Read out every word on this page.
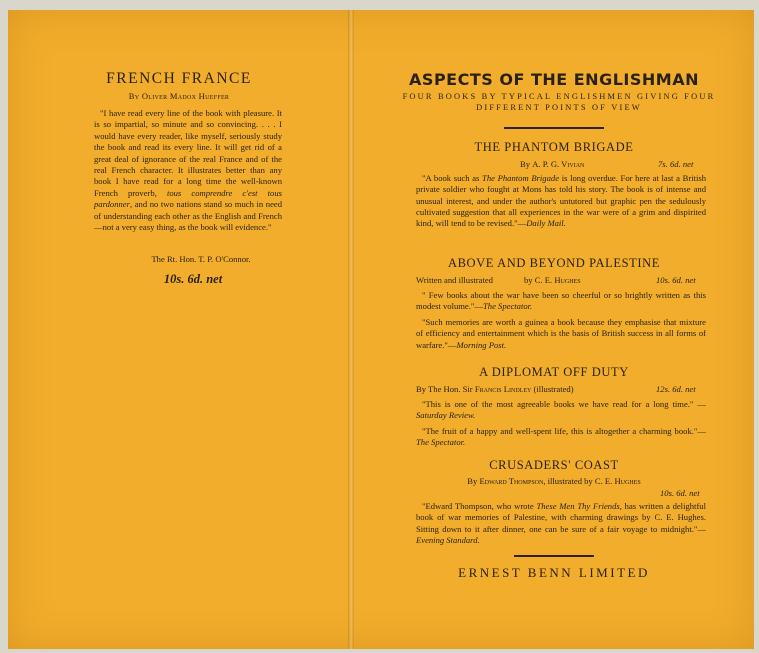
FRENCH FRANCE
By Oliver Madox Hueffer

"I have read every line of the book with pleasure. It is so impartial, so minute and so convincing. . . . I would have every reader, like myself, seriously study the book and read its every line. It will get rid of a great deal of ignorance of the real France and of the real French character. It illustrates better than any book I have read for a long time the well-known French proverb, tous comprendre c'est tous pardonner, and no two nations stand so much in need of understanding each other as the English and French—not a very easy thing, as the book will evidence."

The Rt. Hon. T. P. O'Connor.
10s. 6d. net
ASPECTS OF THE ENGLISHMAN

FOUR BOOKS BY TYPICAL ENGLISHMEN GIVING FOUR DIFFERENT POINTS OF VIEW

THE PHANTOM BRIGADE
By A. P. G. Vivian	7s. 6d. net

"A book such as The Phantom Brigade is long overdue. For here at last a British private soldier who fought at Mons has told his story. The book is of intense and unusual interest, and under the author's untutored but graphic pen the sedulously cultivated suggestion that all experiences in the war were of a grim and dispirited kind, will tend to be revised."—Daily Mail.

ABOVE AND BEYOND PALESTINE
Written and illustrated	by C. E. Hughes	10s. 6d. net

" Few books about the war have been so cheerful or so brightly written as this modest volume."—The Spectator.

"Such memories are worth a guinea a book because they emphasise that mixture of efficiency and entertainment which is the basis of British success in all forms of warfare."—Morning Post.

A DIPLOMAT OFF DUTY
By The Hon. Sir Francis Lindley (illustrated)	12s. 6d. net

"This is one of the most agreeable books we have read for a long time." —Saturday Review.

"The fruit of a happy and well-spent life, this is altogether a charming book."—The Spectator.

CRUSADERS' COAST
By Edward Thompson, illustrated by C. E. Hughes
10s. 6d. net

"Edward Thompson, who wrote These Men Thy Friends, has written a delightful book of war memories of Palestine, with charming drawings by C. E. Hughes. Sitting down to it after dinner, one can be sure of a fair voyage to midnight."—Evening Standard.

ERNEST BENN LIMITED
